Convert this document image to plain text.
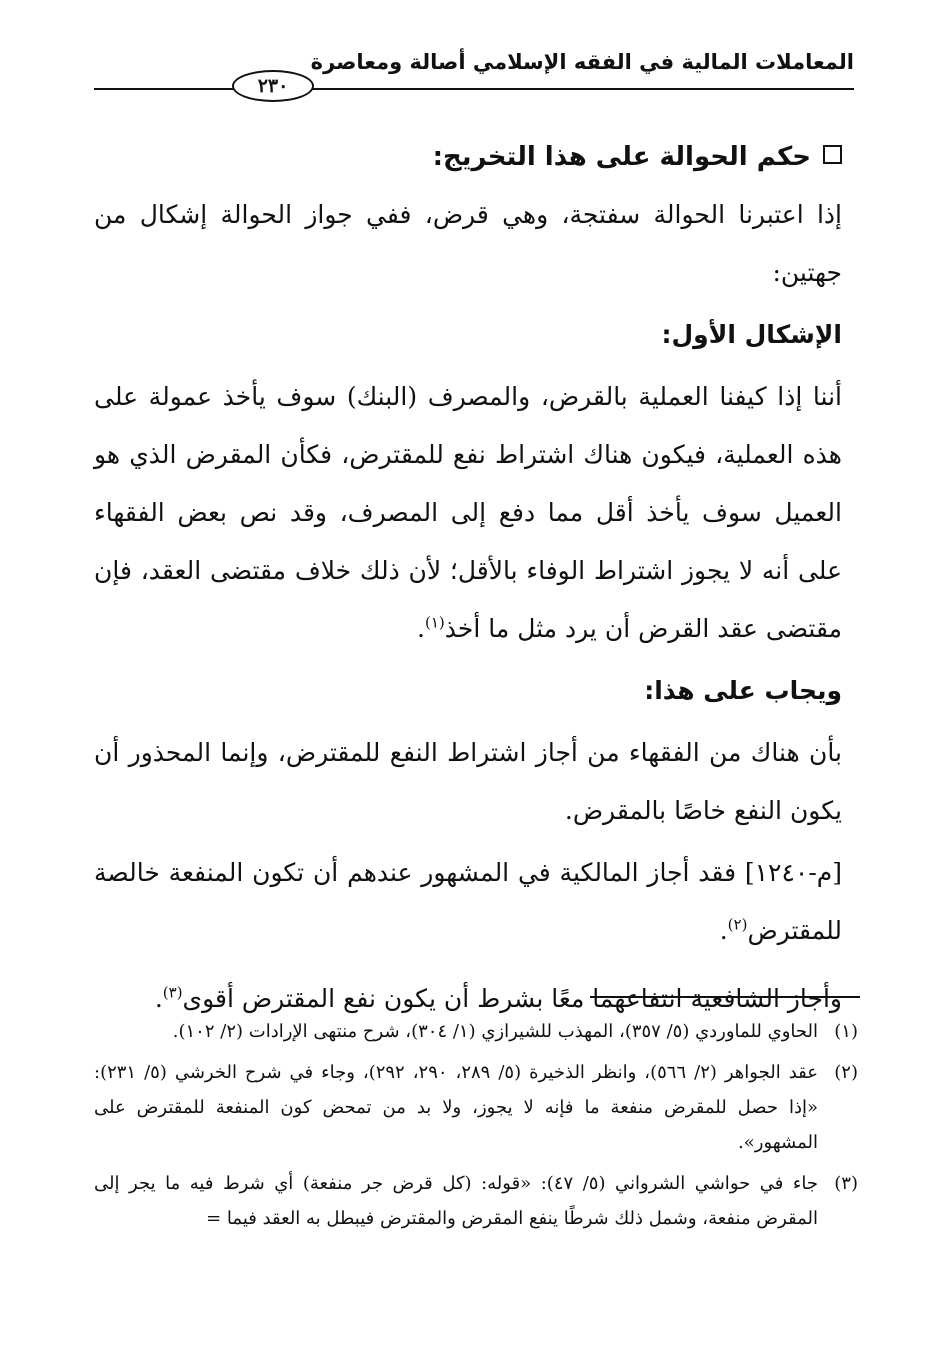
المعاملات المالية في الفقه الإسلامي أصالة ومعاصرة
٢٣٠

حكم الحوالة على هذا التخريج:

إذا اعتبرنا الحوالة سفتجة، وهي قرض، ففي جواز الحوالة إشكال من جهتين:

الإشكال الأول:

أننا إذا كيفنا العملية بالقرض، والمصرف (البنك) سوف يأخذ عمولة على هذه العملية، فيكون هناك اشتراط نفع للمقترض، فكأن المقرض الذي هو العميل سوف يأخذ أقل مما دفع إلى المصرف، وقد نص بعض الفقهاء على أنه لا يجوز اشتراط الوفاء بالأقل؛ لأن ذلك خلاف مقتضى العقد، فإن مقتضى عقد القرض أن يرد مثل ما أخذ$^{(١)}$.

ويجاب على هذا:

بأن هناك من الفقهاء من أجاز اشتراط النفع للمقترض، وإنما المحذور أن يكون النفع خاصًا بالمقرض.

[م-١٢٤٠] فقد أجاز المالكية في المشهور عندهم أن تكون المنفعة خالصة للمقترض$^{(٢)}$.

وأجاز الشافعية انتفاعهما معًا بشرط أن يكون نفع المقترض أقوى$^{(٣)}$.

(١)
الحاوي للماوردي (٥/ ٣٥٧)، المهذب للشيرازي (١/ ٣٠٤)، شرح منتهى الإرادات (٢/ ١٠٢).
(٢)
عقد الجواهر (٢/ ٥٦٦)، وانظر الذخيرة (٥/ ٢٨٩، ٢٩٠، ٢٩٢)، وجاء في شرح الخرشي (٥/ ٢٣١): «إذا حصل للمقرض منفعة ما فإنه لا يجوز، ولا بد من تمحض كون المنفعة للمقترض على المشهور».
(٣)
جاء في حواشي الشرواني (٥/ ٤٧): «قوله: (كل قرض جر منفعة) أي شرط فيه ما يجر إلى المقرض منفعة، وشمل ذلك شرطًا ينفع المقرض والمقترض فيبطل به العقد فيما =
